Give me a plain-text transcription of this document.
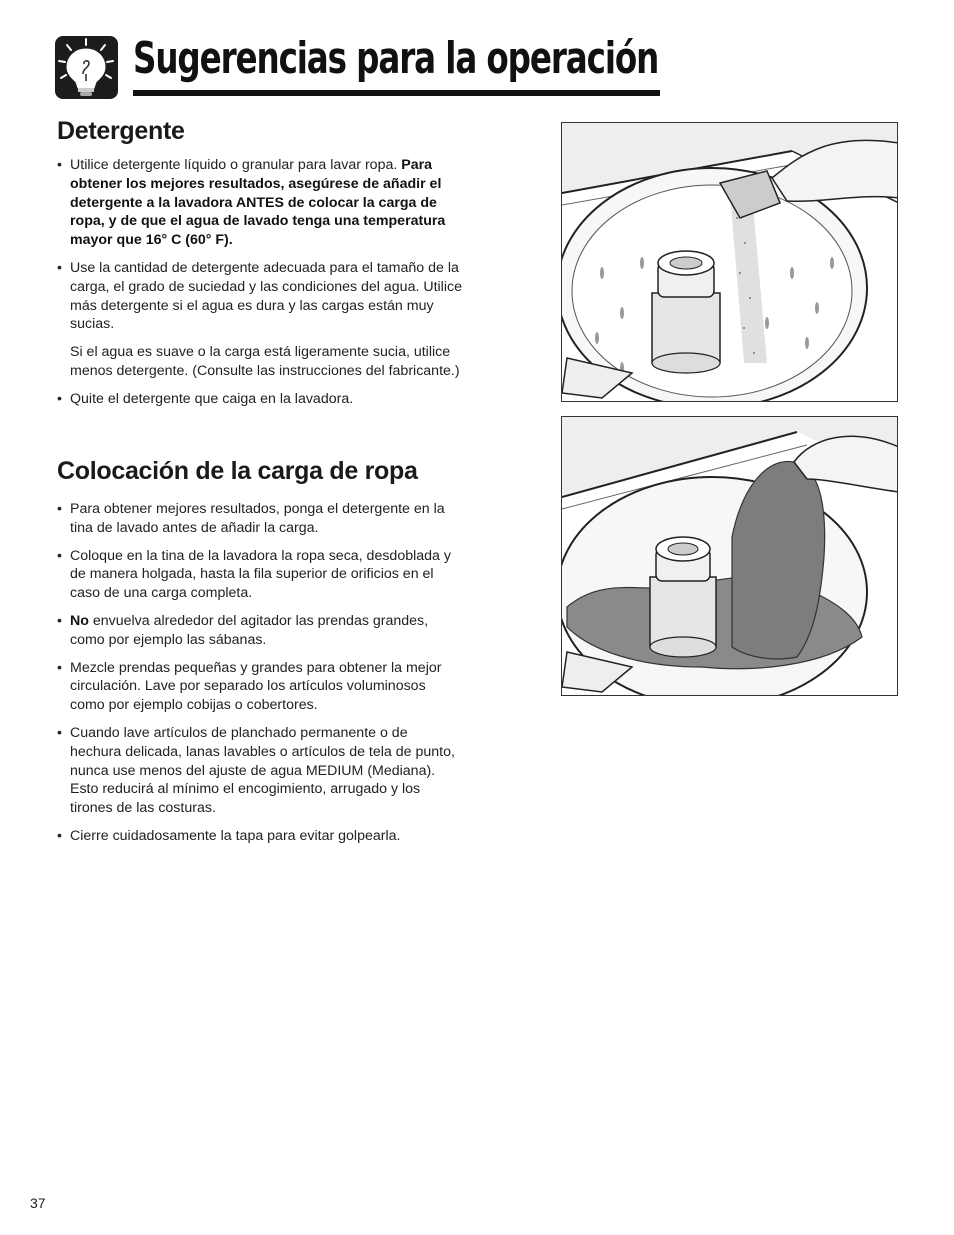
Sugerencias para la operación
Detergente
• Utilice detergente líquido o granular para lavar ropa. Para obtener los mejores resultados, asegúrese de añadir el detergente a la lavadora ANTES de colocar la carga de ropa, y de que el agua de lavado tenga una temperatura mayor que 16° C (60° F).
• Use la cantidad de detergente adecuada para el tamaño de la carga, el grado de suciedad y las condiciones del agua. Utilice más detergente si el agua es dura y las cargas están muy sucias.

Si el agua es suave o la carga está ligeramente sucia, utilice menos detergente. (Consulte las instrucciones del fabricante.)

• Quite el detergente que caiga en la lavadora.
Colocación de la carga de ropa
• Para obtener mejores resultados, ponga el detergente en la tina de lavado antes de añadir la carga.
• Coloque en la tina de la lavadora la ropa seca, desdoblada y de manera holgada, hasta la fila superior de orificios en el caso de una carga completa.
• No envuelva alrededor del agitador las prendas grandes, como por ejemplo las sábanas.
• Mezcle prendas pequeñas y grandes para obtener la mejor circulación. Lave por separado los artículos voluminosos como por ejemplo cobijas o cobertores.
• Cuando lave artículos de planchado permanente o de hechura delicada, lanas lavables o artículos de tela de punto, nunca use menos del ajuste de agua MEDIUM (Mediana). Esto reducirá al mínimo el encogimiento, arrugado y los tirones de las costuras.
• Cierre cuidadosamente la tapa para evitar golpearla.
37
